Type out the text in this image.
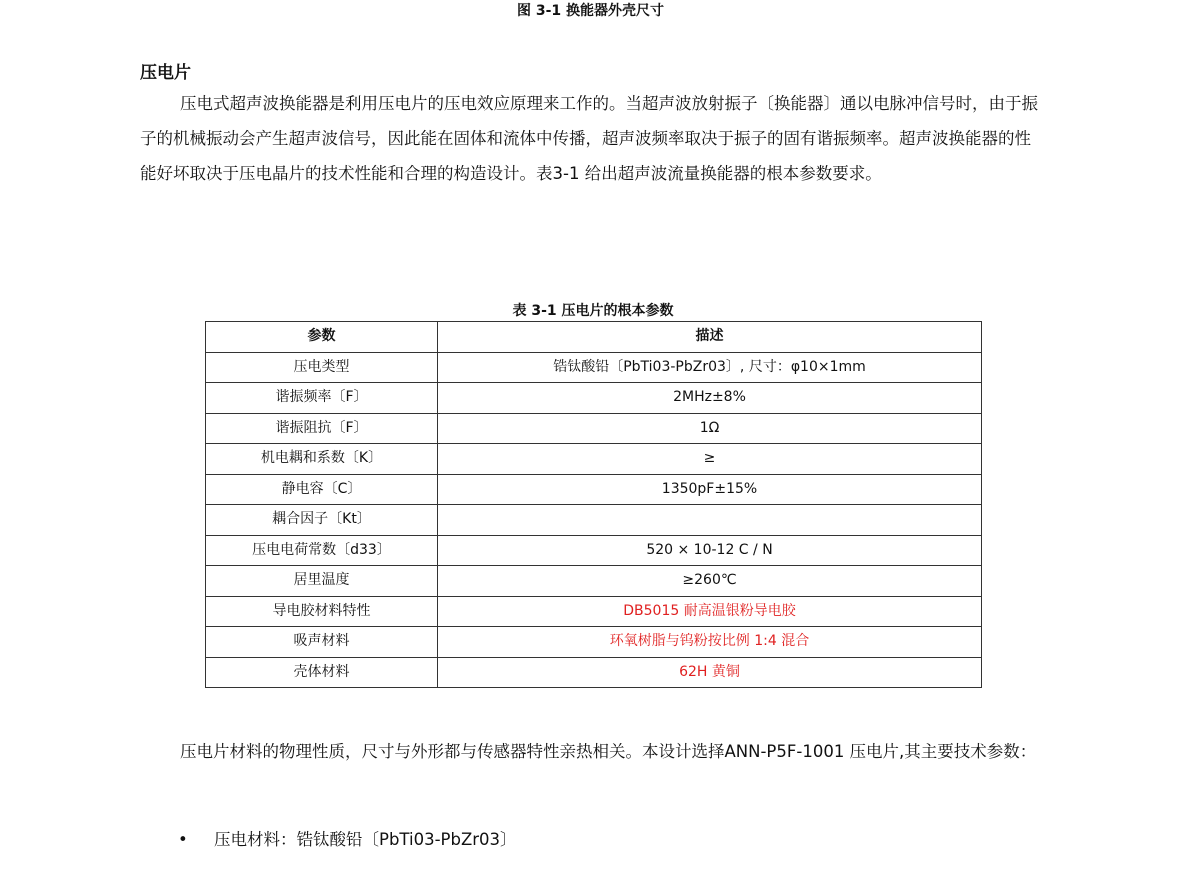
图 3-1 换能器外壳尺寸
压电片
压电式超声波换能器是利用压电片的压电效应原理来工作的。当超声波放射振子〔换能器〕通以电脉冲信号时，由于振子的机械振动会产生超声波信号，因此能在固体和流体中传播，超声波频率取决于振子的固有谐振频率。超声波换能器的性能好坏取决于压电晶片的技术性能和合理的构造设计。表3-1 给出超声波流量换能器的根本参数要求。
表 3-1 压电片的根本参数
参数	描述
压电类型	锆钛酸铅〔PbTi03-PbZr03〕, 尺寸：φ10×1mm
谐振频率〔F〕	2MHz±8%
谐振阻抗〔F〕	1Ω
机电耦和系数〔K〕	≥
静电容〔C〕	1350pF±15%
耦合因子〔Kt〕	
压电电荷常数〔d33〕	520 × 10-12 C / N
居里温度	≥260℃
导电胶材料特性	DB5015 耐高温银粉导电胶
吸声材料	环氧树脂与钨粉按比例 1:4 混合
壳体材料	62H 黄铜
压电片材料的物理性质，尺寸与外形都与传感器特性亲热相关。本设计选择ANN-P5F-1001 压电片,其主要技术参数：
• 压电材料：锆钛酸铅〔PbTi03-PbZr03〕
